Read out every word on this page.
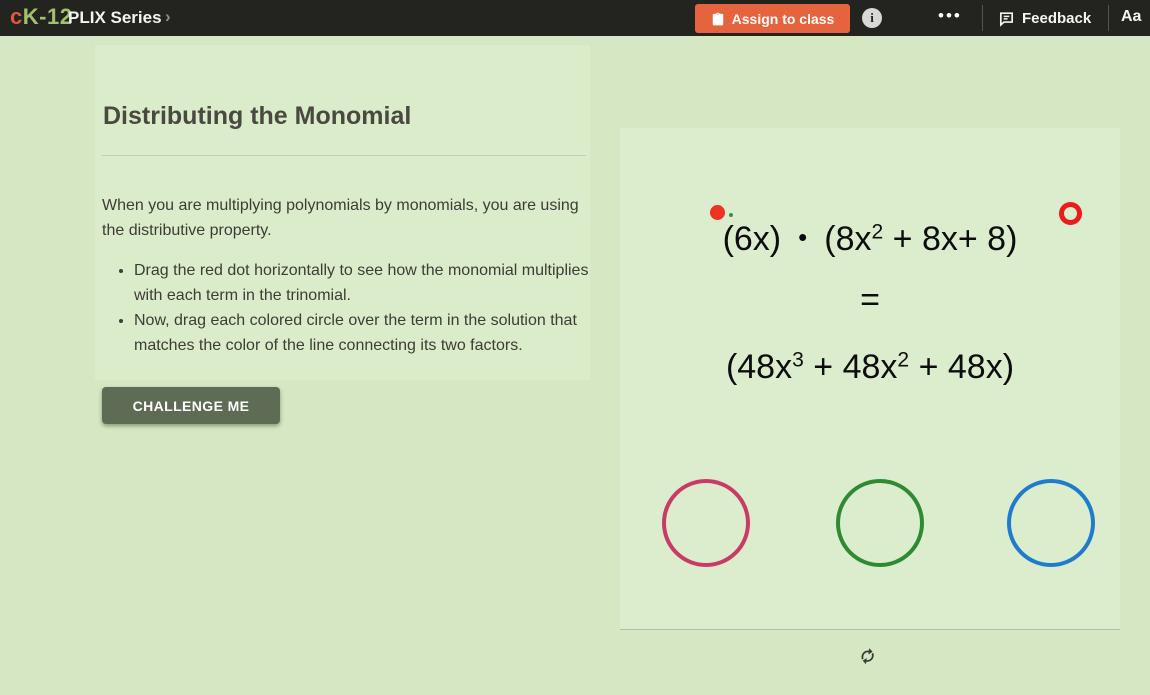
cK-12
PLIX Series ›	Assign to class	i	•••	Feedback Aa
Distributing the Monomial

When you are multiplying polynomials by monomials, you are using the distributive property.

• Drag the red dot horizontally to see how the monomial multiplies with each term in the trinomial.
• Now, drag each colored circle over the term in the solution that matches the color of the line connecting its two factors.
CHALLENGE ME
(6x) • $(8x^2 + 8x+ 8)$
=
$(48x^3 + 48x^2 + 48x)$
